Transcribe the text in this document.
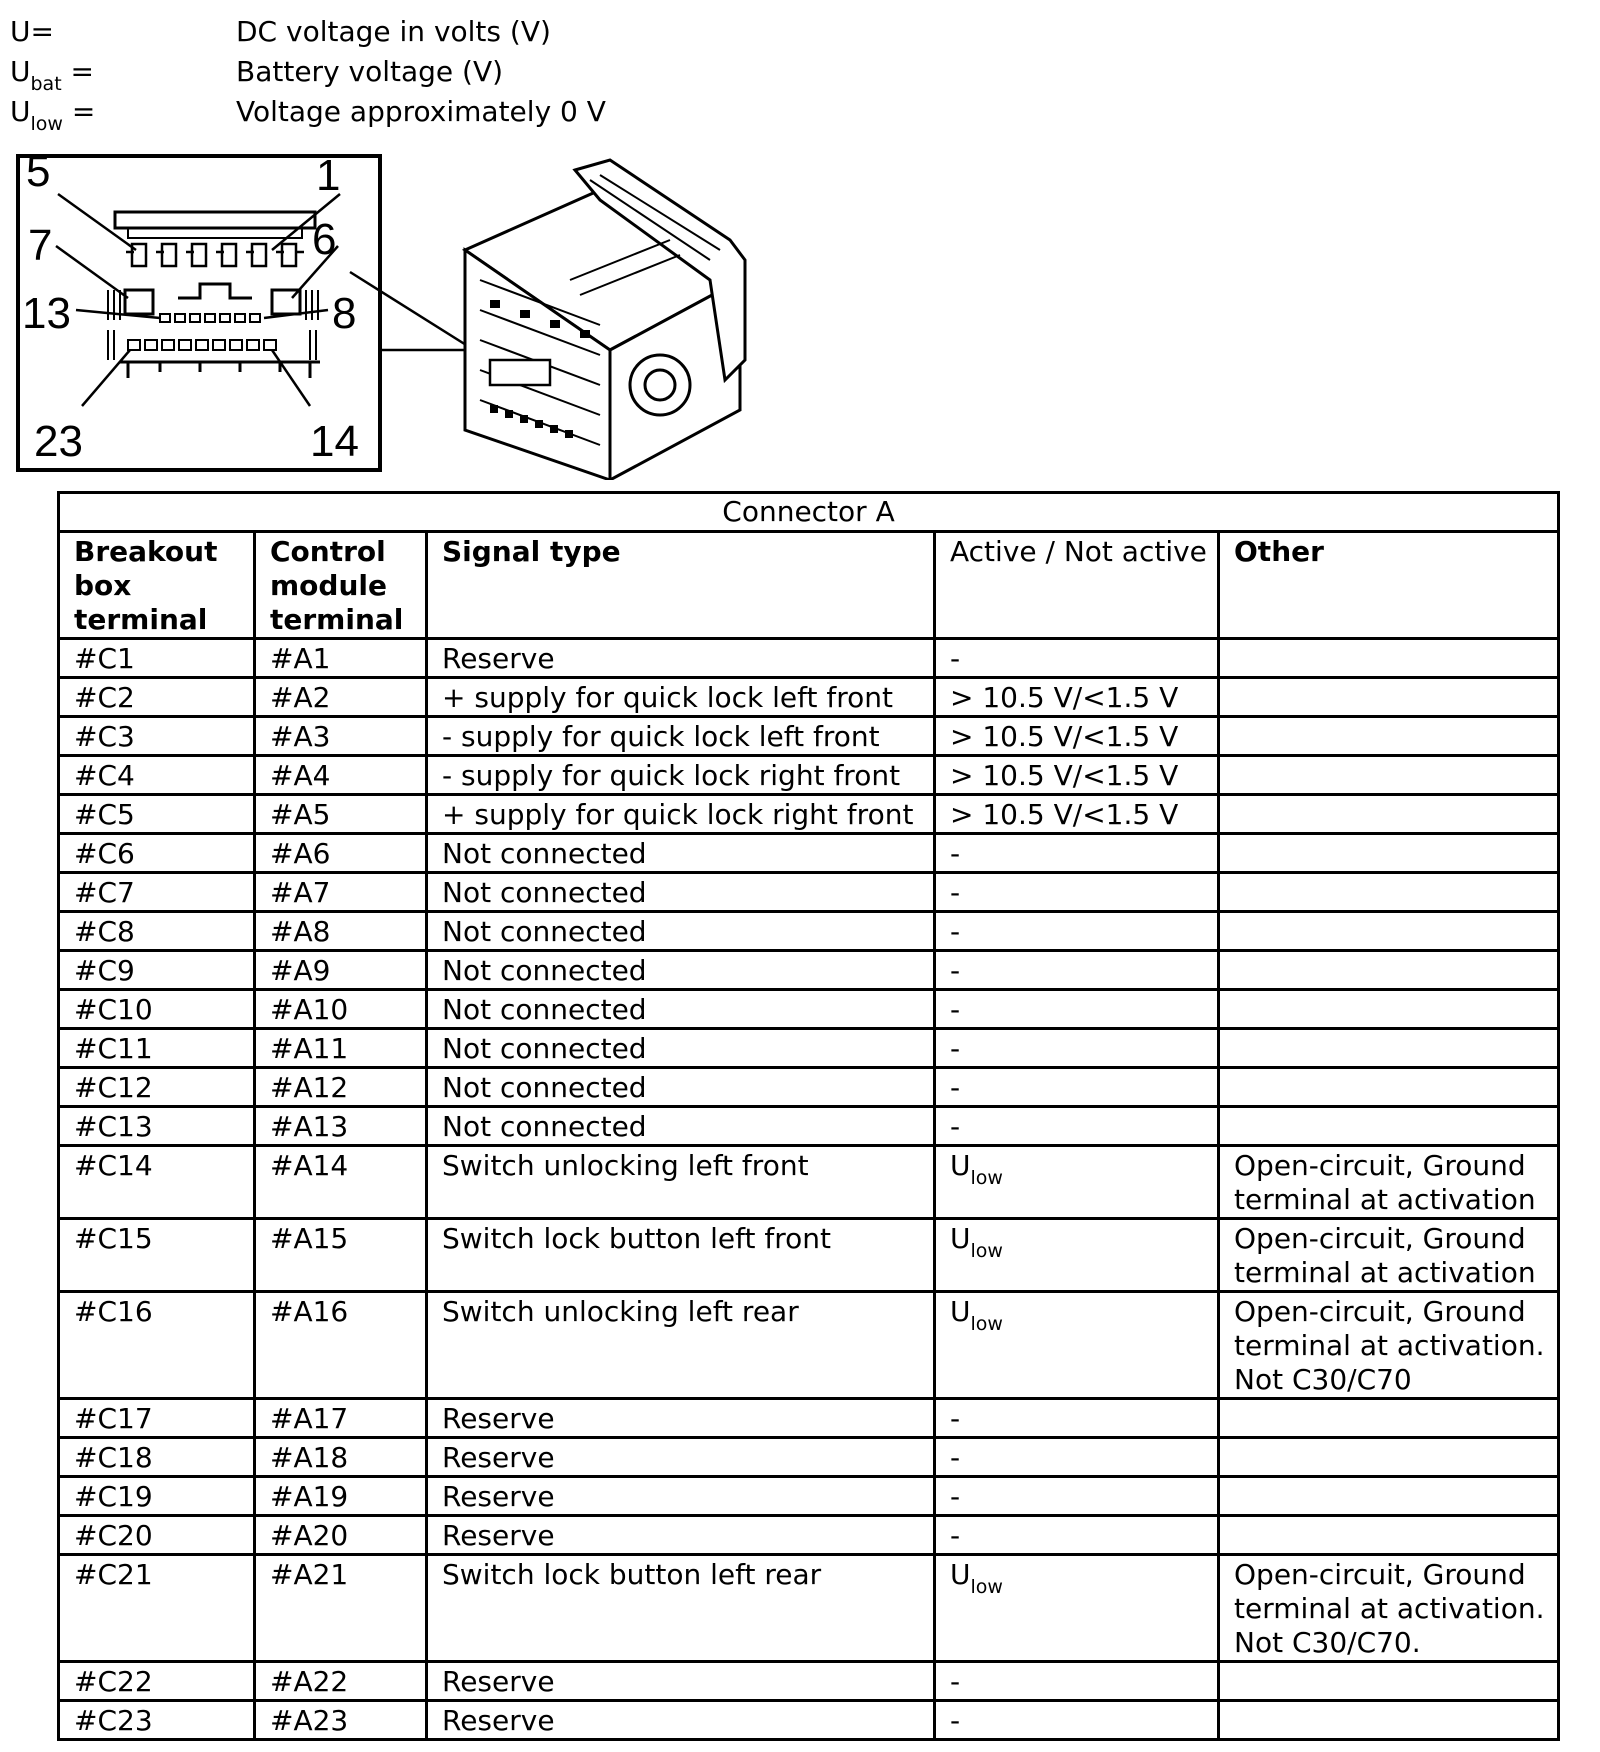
U=	DC voltage in volts (V)
$U_{bat}$ =	Battery voltage (V)
$U_{low}$ =	Voltage approximately 0 V
5	1
7	6
13	8
23	14
Connector A				
Breakout box terminal	Control module terminal	Signal type	Active / Not active	Other
#C1	#A1	Reserve	-	
#C2	#A2	+ supply for quick lock left front	> 10.5 V/<1.5 V	
#C3	#A3	- supply for quick lock left front	> 10.5 V/<1.5 V	
#C4	#A4	- supply for quick lock right front	> 10.5 V/<1.5 V	
#C5	#A5	+ supply for quick lock right front	> 10.5 V/<1.5 V	
#C6	#A6	Not connected	-	
#C7	#A7	Not connected	-	
#C8	#A8	Not connected	-	
#C9	#A9	Not connected	-	
#C10	#A10	Not connected	-	
#C11	#A11	Not connected	-	
#C12	#A12	Not connected	-	
#C13	#A13	Not connected	-	
#C14	#A14	Switch unlocking left front	$U_{low}$	Open-circuit, Ground terminal at activation
#C15	#A15	Switch lock button left front	$U_{low}$	Open-circuit, Ground terminal at activation
#C16	#A16	Switch unlocking left rear	$U_{low}$	Open-circuit, Ground terminal at activation. Not C30/C70
#C17	#A17	Reserve	-	
#C18	#A18	Reserve	-	
#C19	#A19	Reserve	-	
#C20	#A20	Reserve	-	
#C21	#A21	Switch lock button left rear	$U_{low}$	Open-circuit, Ground terminal at activation. Not C30/C70.
#C22	#A22	Reserve	-	
#C23	#A23	Reserve	-	
